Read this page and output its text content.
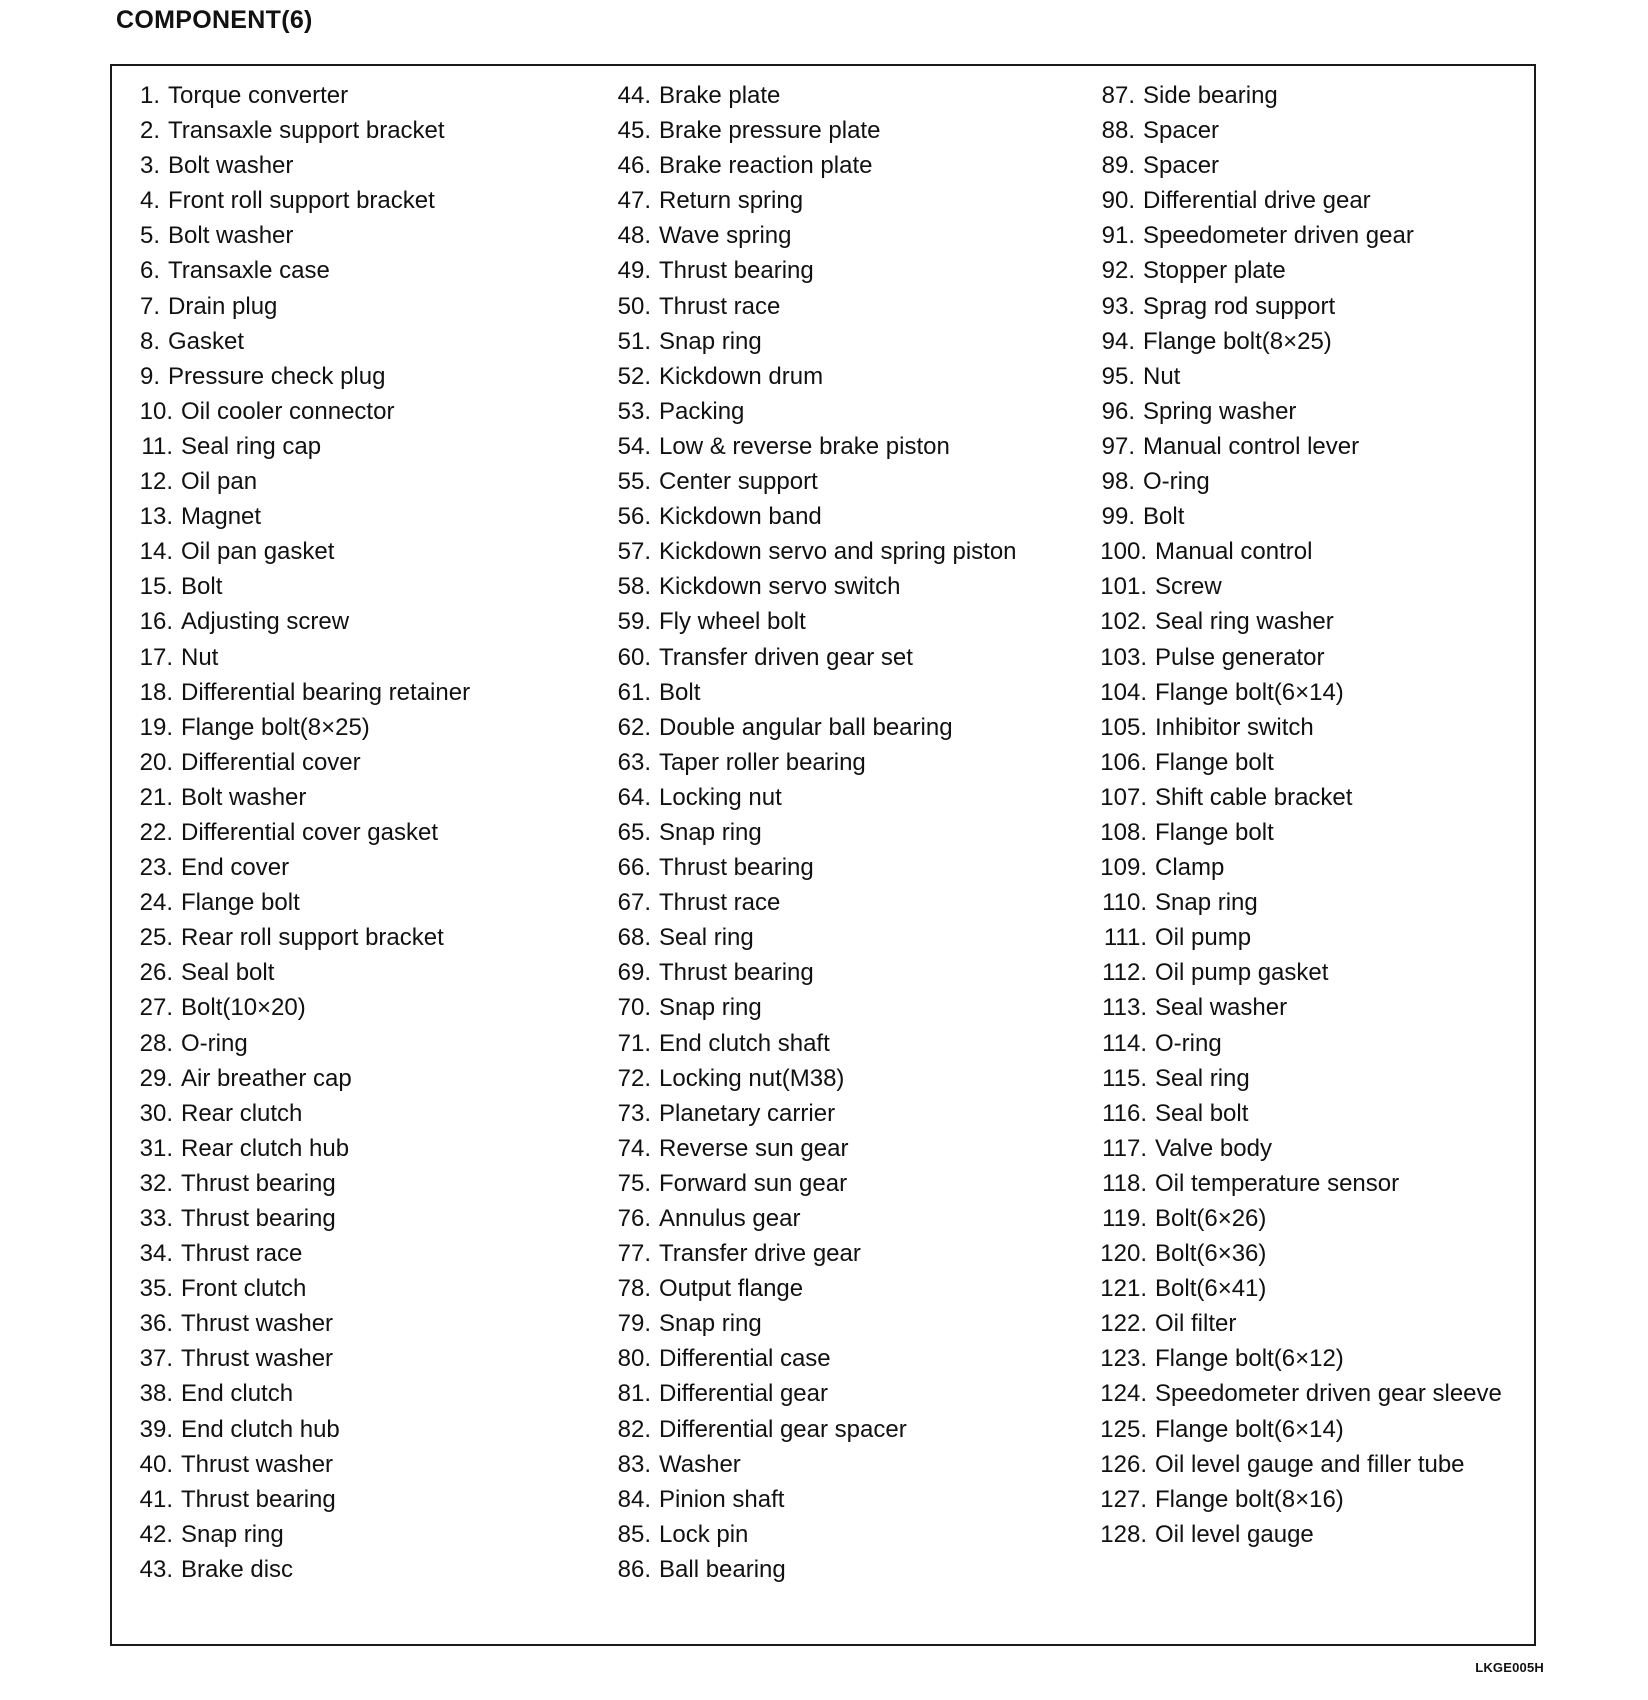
COMPONENT(6)
1. Torque converter
2. Transaxle support bracket
3. Bolt washer
4. Front roll support bracket
5. Bolt washer
6. Transaxle case
7. Drain plug
8. Gasket
9. Pressure check plug
10. Oil cooler connector
11. Seal ring cap
12. Oil pan
13. Magnet
14. Oil pan gasket
15. Bolt
16. Adjusting screw
17. Nut
18. Differential bearing retainer
19. Flange bolt(8×25)
20. Differential cover
21. Bolt washer
22. Differential cover gasket
23. End cover
24. Flange bolt
25. Rear roll support bracket
26. Seal bolt
27. Bolt(10×20)
28. O-ring
29. Air breather cap
30. Rear clutch
31. Rear clutch hub
32. Thrust bearing
33. Thrust bearing
34. Thrust race
35. Front clutch
36. Thrust washer
37. Thrust washer
38. End clutch
39. End clutch hub
40. Thrust washer
41. Thrust bearing
42. Snap ring
43. Brake disc
44. Brake plate
45. Brake pressure plate
46. Brake reaction plate
47. Return spring
48. Wave spring
49. Thrust bearing
50. Thrust race
51. Snap ring
52. Kickdown drum
53. Packing
54. Low & reverse brake piston
55. Center support
56. Kickdown band
57. Kickdown servo and spring piston
58. Kickdown servo switch
59. Fly wheel bolt
60. Transfer driven gear set
61. Bolt
62. Double angular ball bearing
63. Taper roller bearing
64. Locking nut
65. Snap ring
66. Thrust bearing
67. Thrust race
68. Seal ring
69. Thrust bearing
70. Snap ring
71. End clutch shaft
72. Locking nut(M38)
73. Planetary carrier
74. Reverse sun gear
75. Forward sun gear
76. Annulus gear
77. Transfer drive gear
78. Output flange
79. Snap ring
80. Differential case
81. Differential gear
82. Differential gear spacer
83. Washer
84. Pinion shaft
85. Lock pin
86. Ball bearing
87. Side bearing
88. Spacer
89. Spacer
90. Differential drive gear
91. Speedometer driven gear
92. Stopper plate
93. Sprag rod support
94. Flange bolt(8×25)
95. Nut
96. Spring washer
97. Manual control lever
98. O-ring
99. Bolt
100. Manual control
101. Screw
102. Seal ring washer
103. Pulse generator
104. Flange bolt(6×14)
105. Inhibitor switch
106. Flange bolt
107. Shift cable bracket
108. Flange bolt
109. Clamp
110. Snap ring
111. Oil pump
112. Oil pump gasket
113. Seal washer
114. O-ring
115. Seal ring
116. Seal bolt
117. Valve body
118. Oil temperature sensor
119. Bolt(6×26)
120. Bolt(6×36)
121. Bolt(6×41)
122. Oil filter
123. Flange bolt(6×12)
124. Speedometer driven gear sleeve
125. Flange bolt(6×14)
126. Oil level gauge and filler tube
127. Flange bolt(8×16)
128. Oil level gauge
LKGE005H
